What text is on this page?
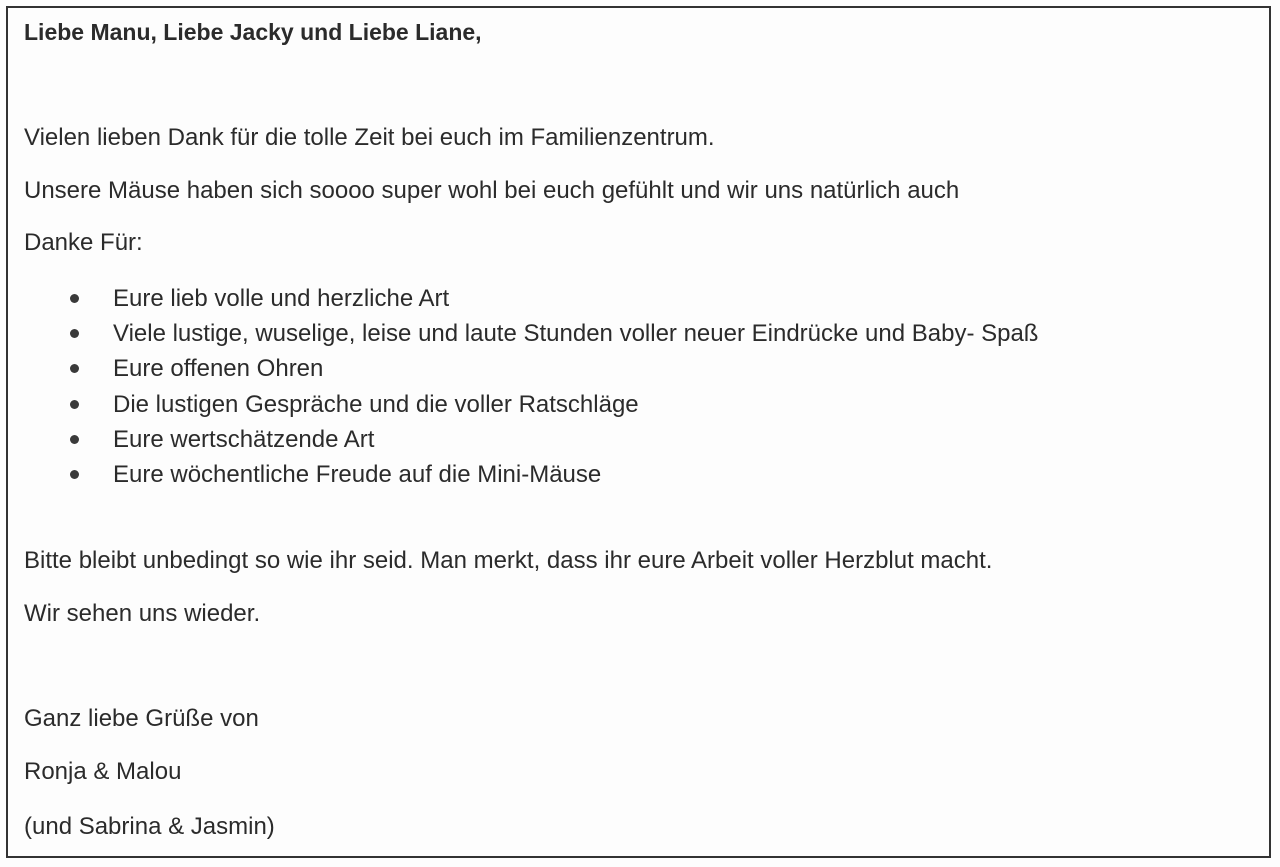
Liebe Manu, Liebe Jacky und Liebe Liane,
Vielen lieben Dank für die tolle Zeit bei euch im Familienzentrum.
Unsere Mäuse haben sich soooo super wohl bei euch gefühlt und wir uns natürlich auch
Danke Für:
Eure lieb volle und herzliche Art
Viele lustige, wuselige, leise und laute Stunden voller neuer Eindrücke und Baby- Spaß
Eure offenen Ohren
Die lustigen Gespräche und die voller Ratschläge
Eure wertschätzende Art
Eure wöchentliche Freude auf die Mini-Mäuse
Bitte bleibt unbedingt so wie ihr seid. Man merkt, dass ihr eure Arbeit voller Herzblut macht.
Wir sehen uns wieder.
Ganz liebe Grüße von
Ronja & Malou
(und Sabrina & Jasmin)
